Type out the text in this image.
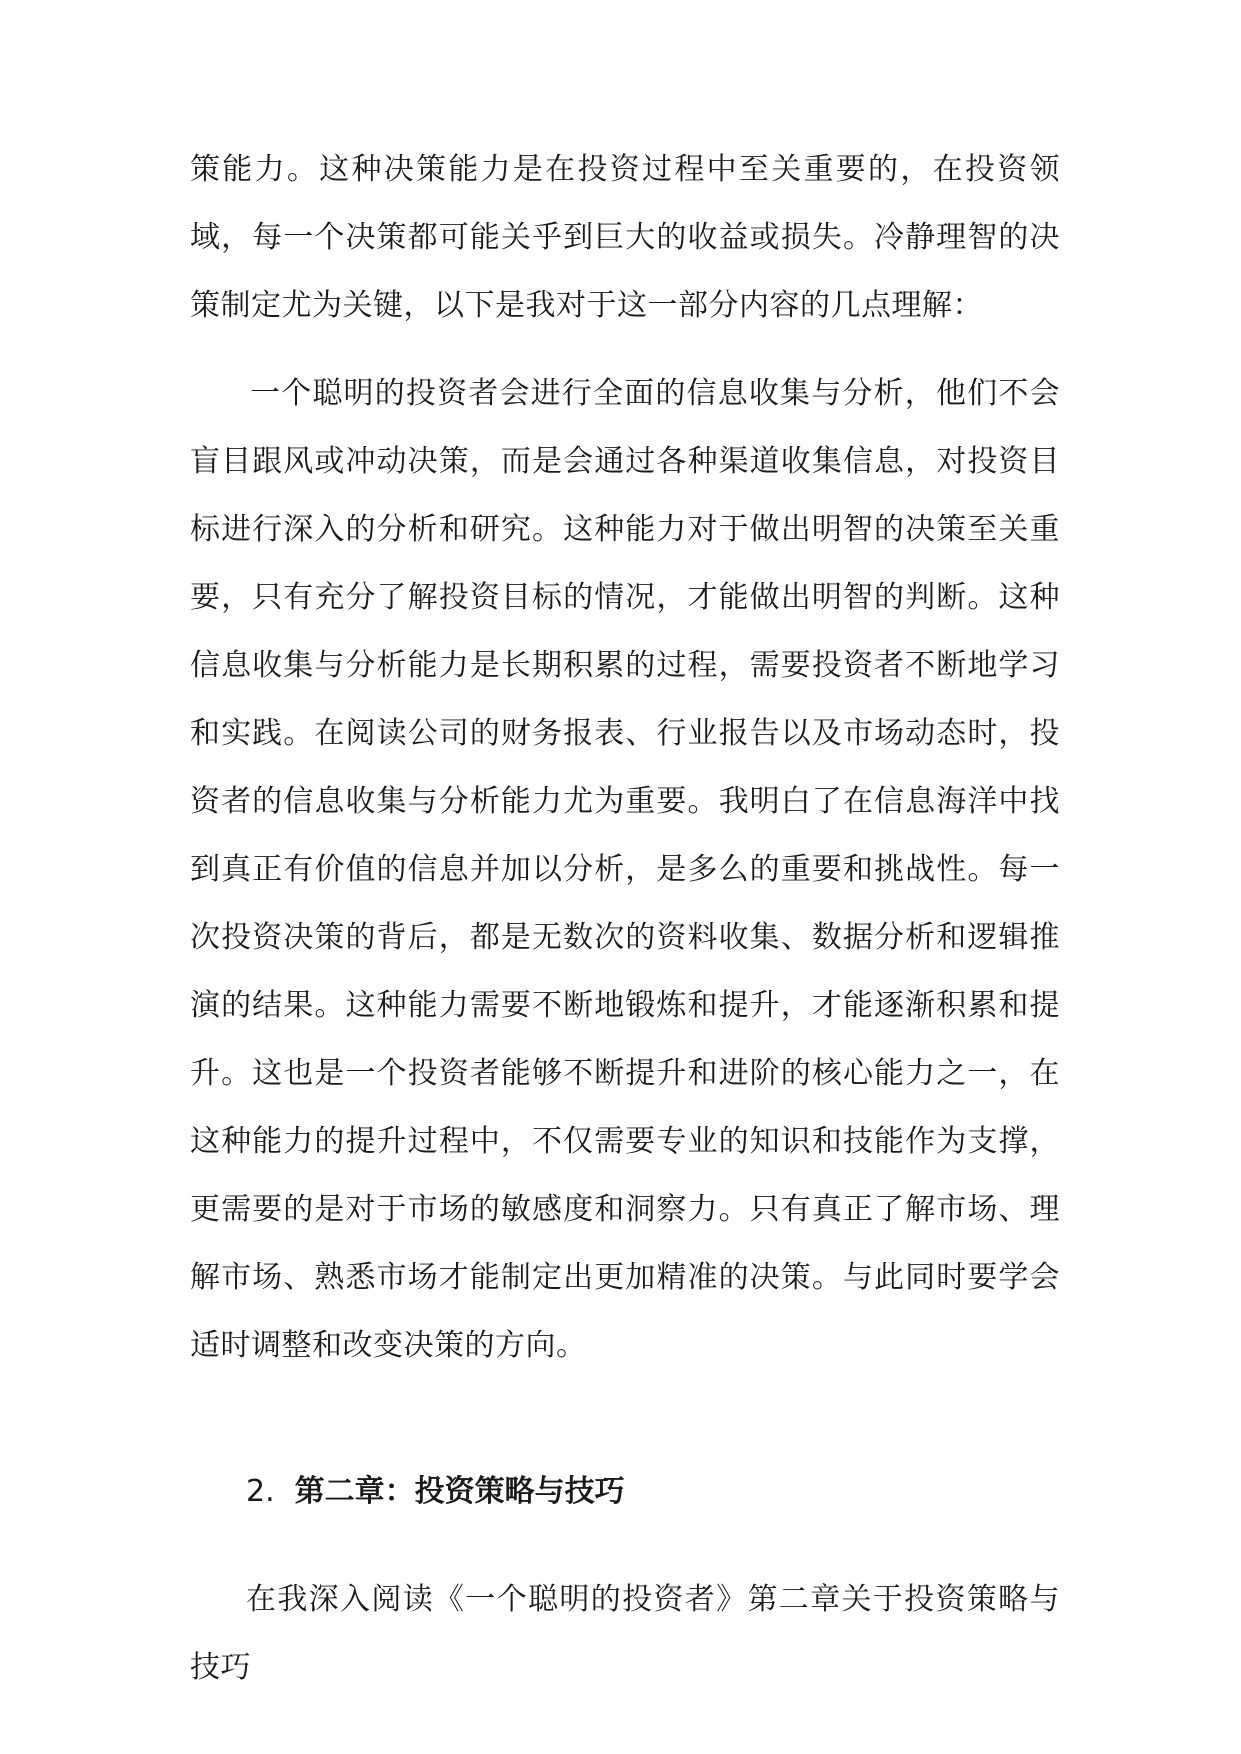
策能力。这种决策能力是在投资过程中至关重要的，在投资领域，每一个决策都可能关乎到巨大的收益或损失。冷静理智的决策制定尤为关键，以下是我对于这一部分内容的几点理解：

一个聪明的投资者会进行全面的信息收集与分析，他们不会盲目跟风或冲动决策，而是会通过各种渠道收集信息，对投资目标进行深入的分析和研究。这种能力对于做出明智的决策至关重要，只有充分了解投资目标的情况，才能做出明智的判断。这种信息收集与分析能力是长期积累的过程，需要投资者不断地学习和实践。在阅读公司的财务报表、行业报告以及市场动态时，投资者的信息收集与分析能力尤为重要。我明白了在信息海洋中找到真正有价值的信息并加以分析，是多么的重要和挑战性。每一次投资决策的背后，都是无数次的资料收集、数据分析和逻辑推演的结果。这种能力需要不断地锻炼和提升，才能逐渐积累和提升。这也是一个投资者能够不断提升和进阶的核心能力之一，在这种能力的提升过程中，不仅需要专业的知识和技能作为支撑，更需要的是对于市场的敏感度和洞察力。只有真正了解市场、理解市场、熟悉市场才能制定出更加精准的决策。与此同时要学会适时调整和改变决策的方向。

2. 第二章：投资策略与技巧

在我深入阅读《一个聪明的投资者》第二章关于投资策略与技巧
